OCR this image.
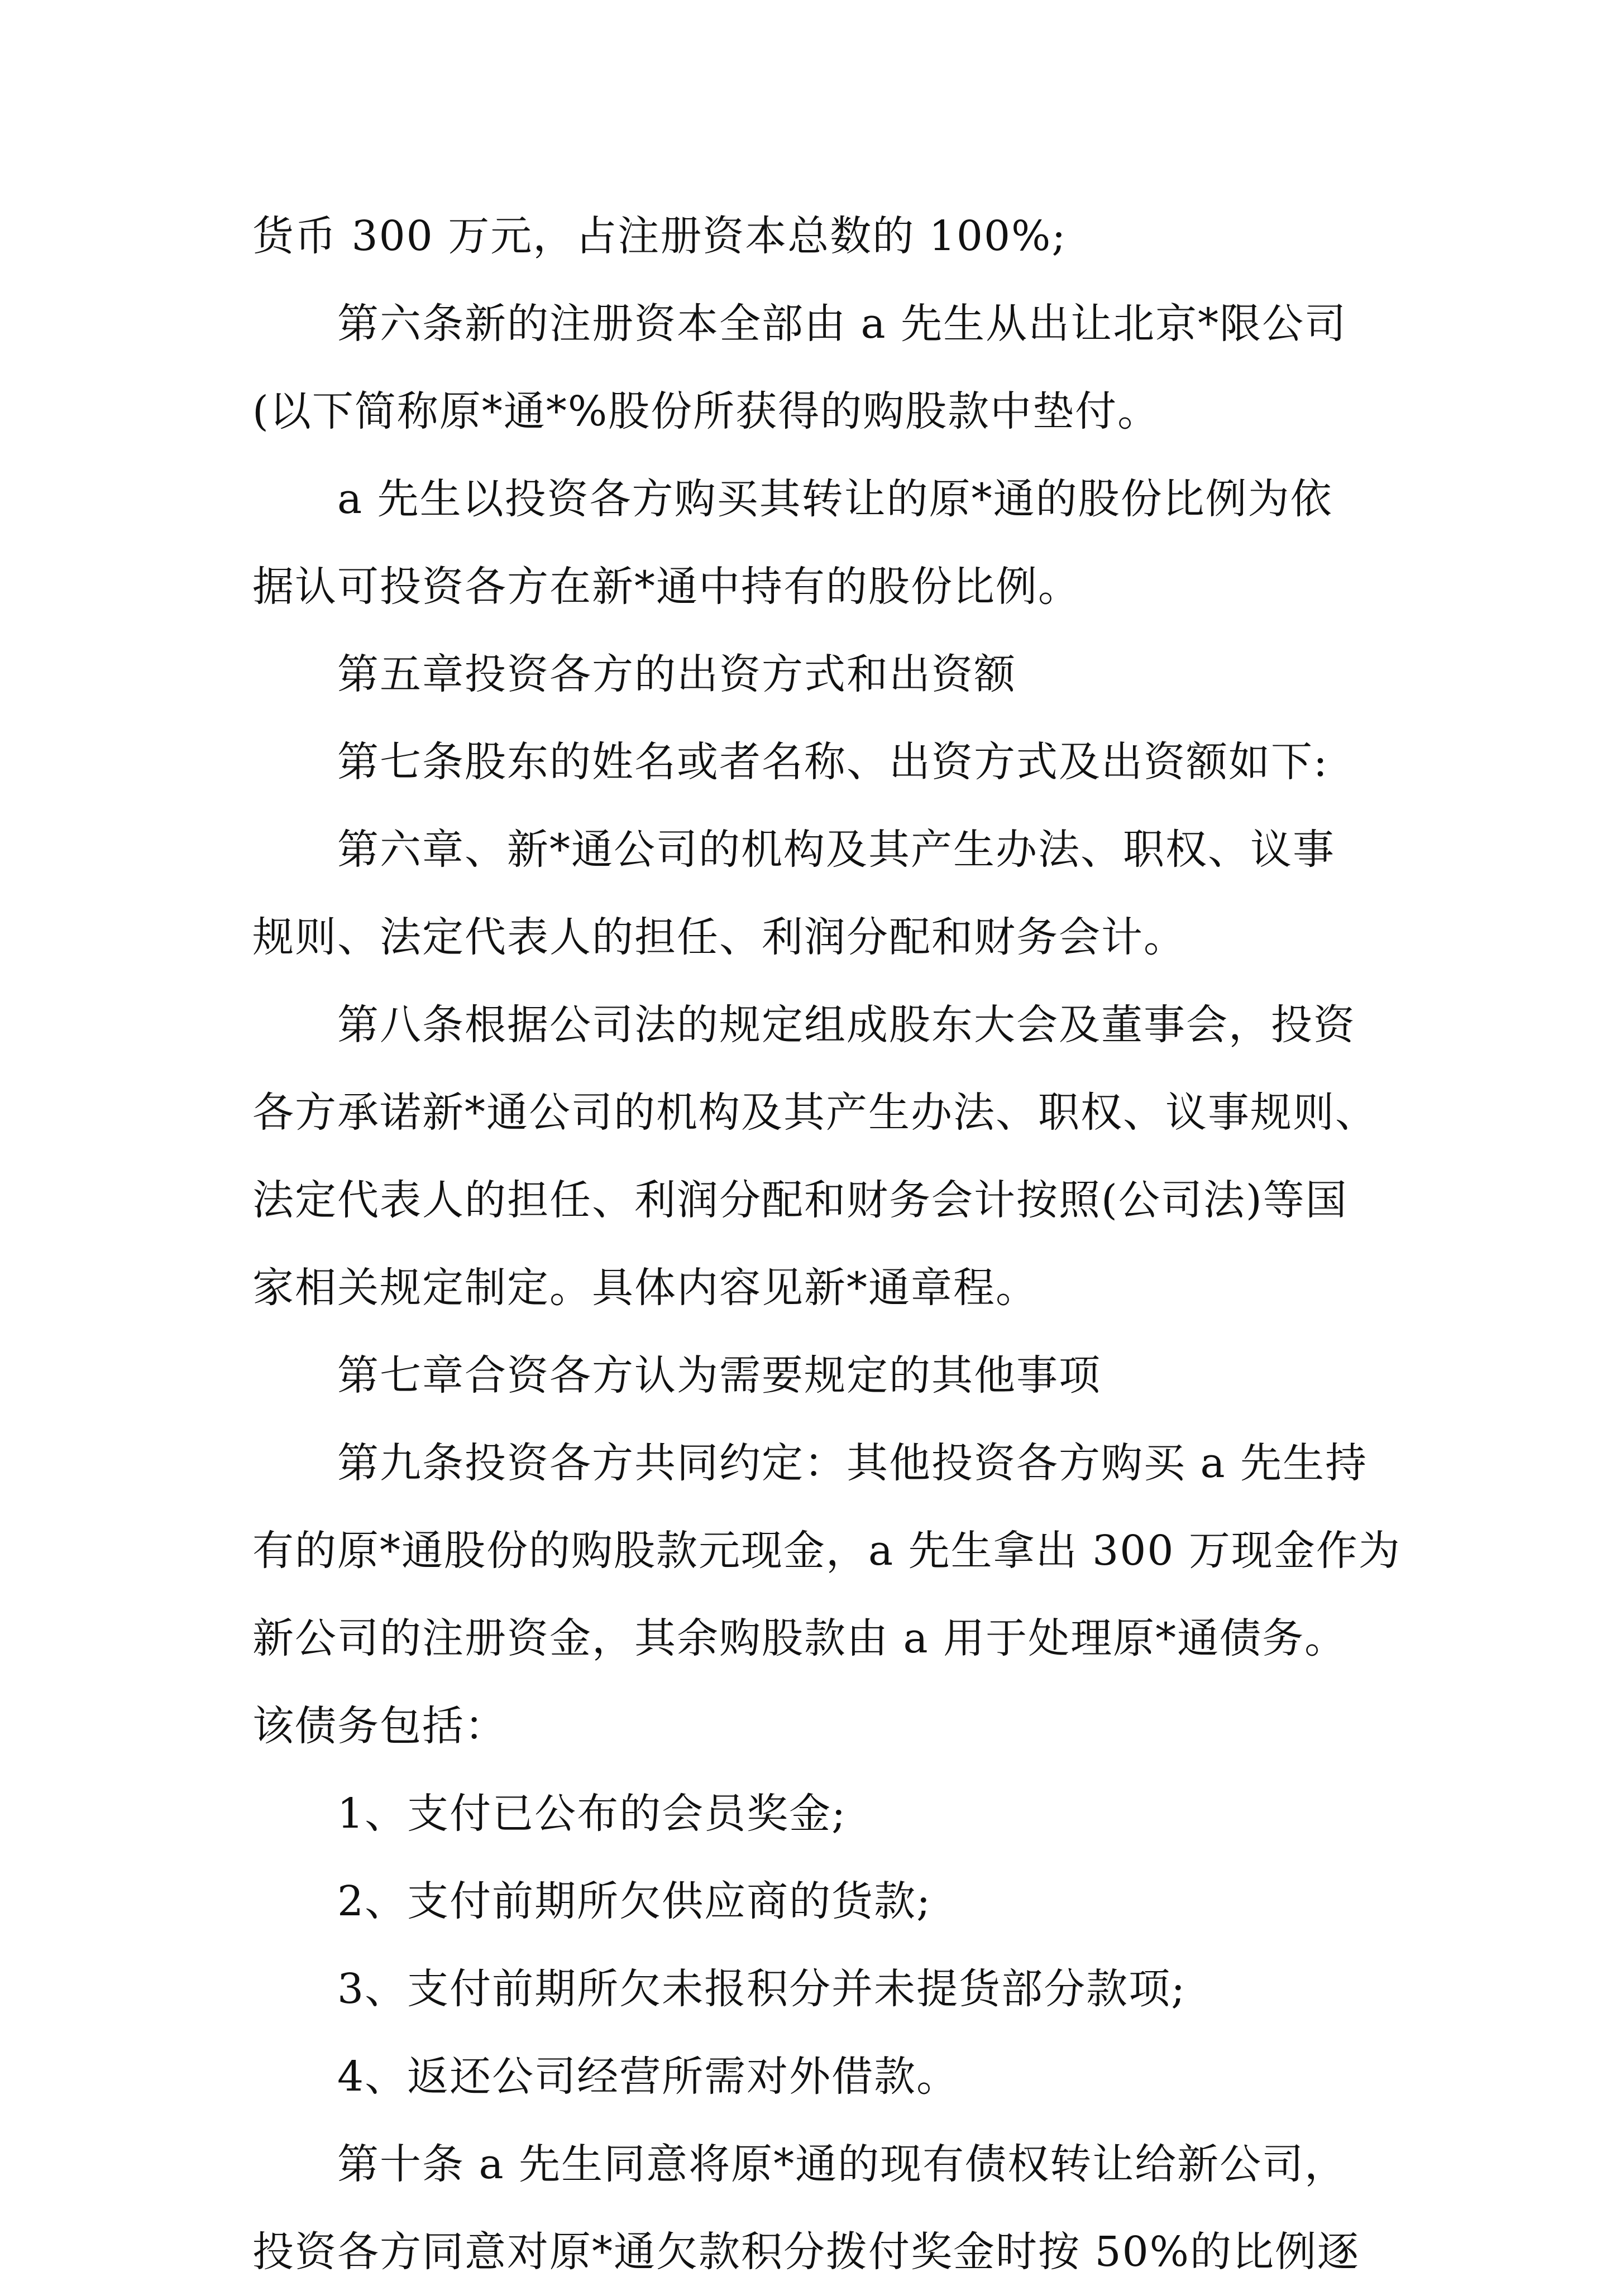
货币 300 万元，占注册资本总数的 100%;
第六条新的注册资本全部由 a 先生从出让北京*限公司
(以下简称原*通*%股份所获得的购股款中垫付。
a 先生以投资各方购买其转让的原*通的股份比例为依
据认可投资各方在新*通中持有的股份比例。
第五章投资各方的出资方式和出资额
第七条股东的姓名或者名称、出资方式及出资额如下:
第六章、新*通公司的机构及其产生办法、职权、议事
规则、法定代表人的担任、利润分配和财务会计。
第八条根据公司法的规定组成股东大会及董事会，投资
各方承诺新*通公司的机构及其产生办法、职权、议事规则、
法定代表人的担任、利润分配和财务会计按照(公司法)等国
家相关规定制定。具体内容见新*通章程。
第七章合资各方认为需要规定的其他事项
第九条投资各方共同约定：其他投资各方购买 a 先生持
有的原*通股份的购股款元现金，a 先生拿出 300 万现金作为
新公司的注册资金，其余购股款由 a 用于处理原*通债务。
该债务包括：
1、支付已公布的会员奖金;
2、支付前期所欠供应商的货款;
3、支付前期所欠未报积分并未提货部分款项;
4、返还公司经营所需对外借款。
第十条 a 先生同意将原*通的现有债权转让给新公司，
投资各方同意对原*通欠款积分拨付奖金时按 50%的比例逐
